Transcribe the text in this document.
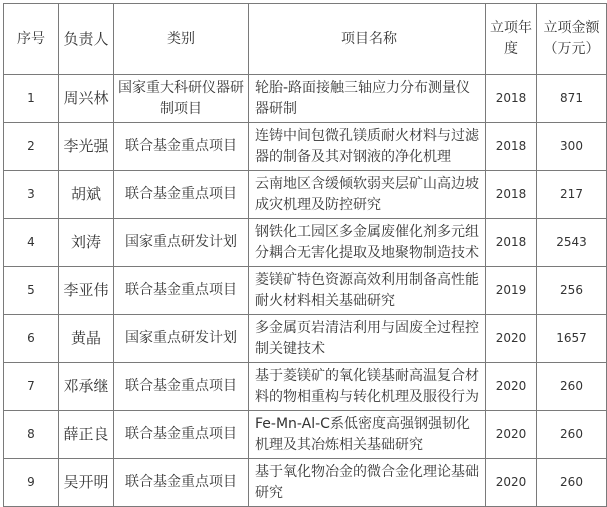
序号	负责人	类别	项目名称	立项年度	立项金额（万元）
1	周兴林	国家重大科研仪器研制项目	轮胎-路面接触三轴应力分布测量仪器研制	2018	871
2	李光强	联合基金重点项目	连铸中间包微孔镁质耐火材料与过滤器的制备及其对钢液的净化机理	2018	300
3	胡斌	联合基金重点项目	云南地区含缓倾软弱夹层矿山高边坡成灾机理及防控研究	2018	217
4	刘涛	国家重点研发计划	钢铁化工园区多金属废催化剂多元组分耦合无害化提取及地聚物制造技术	2018	2543
5	李亚伟	联合基金重点项目	菱镁矿特色资源高效利用制备高性能耐火材料相关基础研究	2019	256
6	黄晶	国家重点研发计划	多金属页岩清洁利用与固废全过程控制关键技术	2020	1657
7	邓承继	联合基金重点项目	基于菱镁矿的氧化镁基耐高温复合材料的物相重构与转化机理及服役行为	2020	260
8	薛正良	联合基金重点项目	Fe-Mn-Al-C系低密度高强钢强韧化机理及其冶炼相关基础研究	2020	260
9	吴开明	联合基金重点项目	基于氧化物冶金的微合金化理论基础研究	2020	260
